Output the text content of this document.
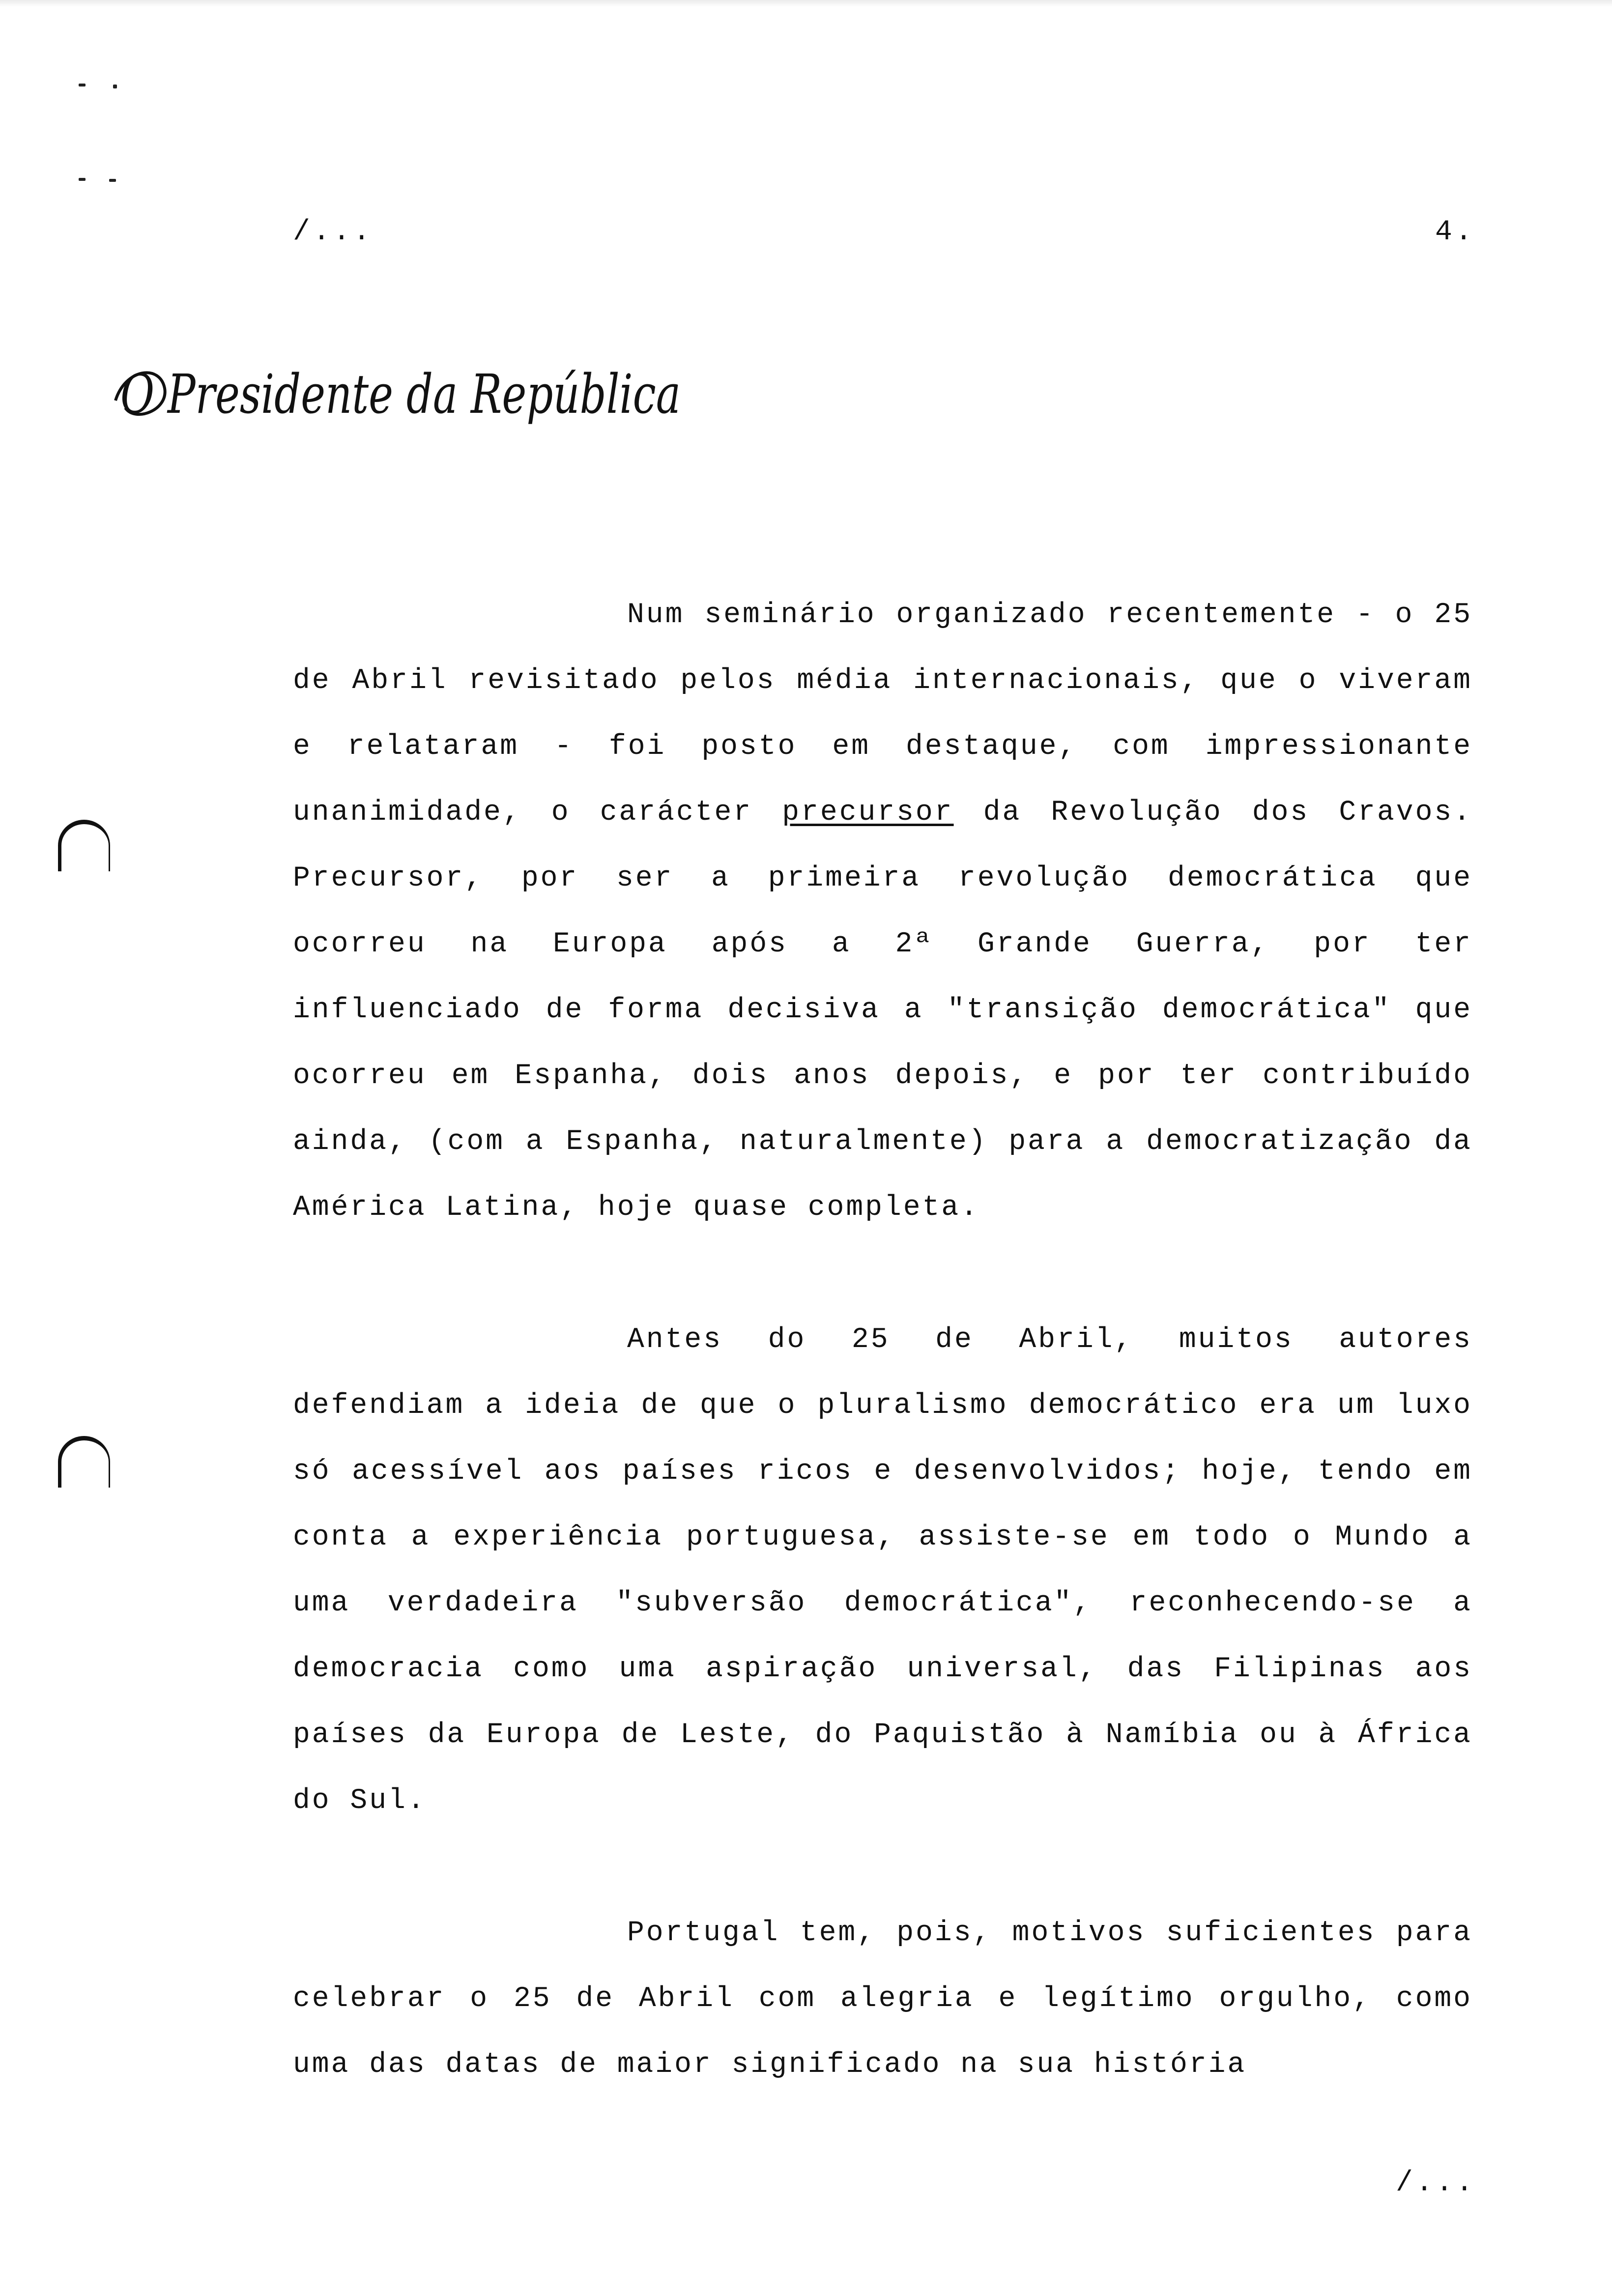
/...	4.
O Presidente da República

Num seminário organizado recentemente - o 25 de Abril revisitado pelos média internacionais, que o viveram e relataram - foi posto em destaque, com impressionante unanimidade, o carácter precursor da Revolução dos Cravos. Precursor, por ser a primeira revolução democrática que ocorreu na Europa após a 2ª Grande Guerra, por ter influenciado de forma decisiva a "transição democrática" que ocorreu em Espanha, dois anos depois, e por ter contribuído ainda, (com a Espanha, naturalmente) para a democratização da América Latina, hoje quase completa.

Antes do 25 de Abril, muitos autores defendiam a ideia de que o pluralismo democrático era um luxo só acessível aos países ricos e desenvolvidos; hoje, tendo em conta a experiência portuguesa, assiste-se em todo o Mundo a uma verdadeira "subversão democrática", reconhecendo-se a democracia como uma aspiração universal, das Filipinas aos países da Europa de Leste, do Paquistão à Namíbia ou à África do Sul.

Portugal tem, pois, motivos suficientes para celebrar o 25 de Abril com alegria e legítimo orgulho, como uma das datas de maior significado na sua história

/...
